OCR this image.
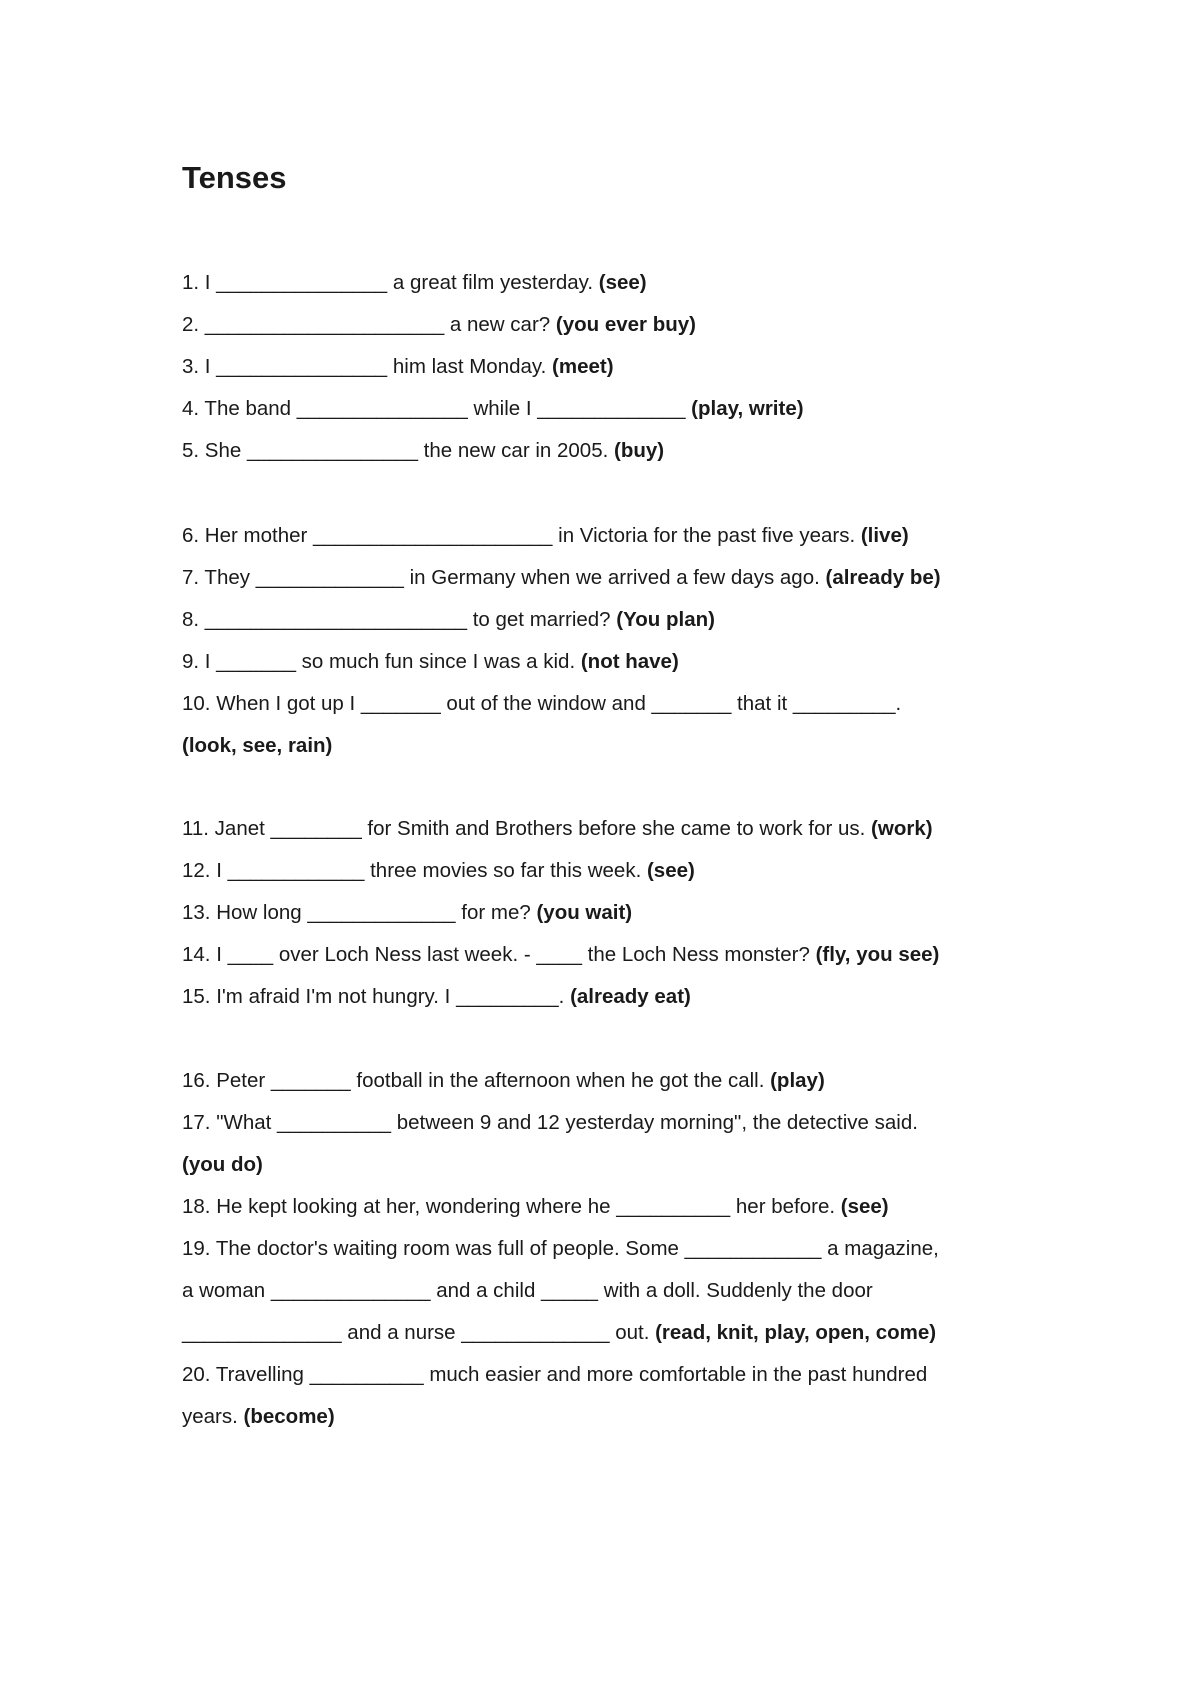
Tenses
1. I _______________ a great film yesterday. (see)
2. _____________________ a new car? (you ever buy)
3. I _______________ him last Monday. (meet)
4. The band _______________ while I _____________ (play, write)
5. She _______________ the new car in 2005. (buy)
6. Her mother _____________________ in Victoria for the past five years. (live)
7. They _____________ in Germany when we arrived a few days ago. (already be)
8. _______________________ to get married? (You plan)
9. I _______ so much fun since I was a kid. (not have)
10. When I got up I _______ out of the window and _______ that it _________.
(look, see, rain)
11. Janet ________ for Smith and Brothers before she came to work for us. (work)
12. I ____________ three movies so far this week. (see)
13. How long _____________ for me? (you wait)
14. I ____ over Loch Ness last week. - ____ the Loch Ness monster? (fly, you see)
15. I'm afraid I'm not hungry. I _________. (already eat)
16. Peter _______ football in the afternoon when he got the call. (play)
17. "What __________ between 9 and 12 yesterday morning", the detective said.
(you do)
18. He kept looking at her, wondering where he __________ her before. (see)
19. The doctor's waiting room was full of people. Some ____________ a magazine,
a woman ______________ and a child _____ with a doll. Suddenly the door
______________ and a nurse _____________ out. (read, knit, play, open, come)
20. Travelling __________ much easier and more comfortable in the past hundred
years. (become)
